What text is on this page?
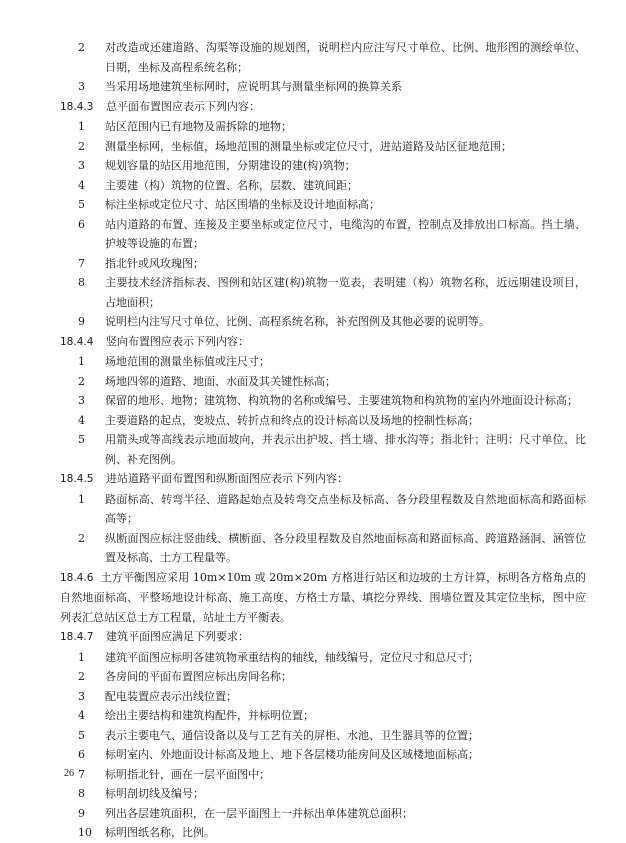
2 对改造或还建道路、沟渠等设施的规划图，说明栏内应注写尺寸单位、比例、地形图的测绘单位、日期，坐标及高程系统名称；

3 当采用场地建筑坐标网时，应说明其与测量坐标网的换算关系

18.4.3 总平面布置图应表示下列内容：

1 站区范围内已有地物及需拆除的地物；

2 测量坐标网，坐标值，场地范围的测量坐标或定位尺寸，进站道路及站区征地范围；

3 规划容量的站区用地范围，分期建设的建(构)筑物；

4 主要建（构）筑物的位置、名称，层数、建筑间距；

5 标注坐标或定位尺寸、站区围墙的坐标及设计地面标高；

6 站内道路的布置、连接及主要坐标或定位尺寸，电缆沟的布置，控制点及排放出口标高。挡土墙、护坡等设施的布置；

7 指北针或风玫瑰图；

8 主要技术经济指标表、图例和站区建(构)筑物一览表，表明建（构）筑物名称，近远期建设项目，占地面积；

9 说明栏内注写尺寸单位、比例、高程系统名称，补充图例及其他必要的说明等。

18.4.4 竖向布置图应表示下列内容：

1 场地范围的测量坐标值或注尺寸；

2 场地四邻的道路、地面、水面及其关键性标高；

3 保留的地形、地物；建筑物、构筑物的名称或编号、主要建筑物和构筑物的室内外地面设计标高；

4 主要道路的起点，变坡点、转折点和终点的设计标高以及场地的控制性标高；

5 用箭头或等高线表示地面坡向，并表示出护坡、挡土墙、排水沟等；指北针；注明：尺寸单位、比例、补充图例。

18.4.5 进站道路平面布置图和纵断面图应表示下列内容：

1 路面标高、转弯半径、道路起始点及转弯交点坐标及标高、各分段里程数及自然地面标高和路面标高等；

2 纵断面图应标注竖曲线、横断面、各分段里程数及自然地面标高和路面标高、跨道路涵洞、涵管位置及标高、土方工程量等。

18.4.6 土方平衡图应采用 10m×10m 或 20m×20m 方格进行站区和边坡的土方计算，标明各方格角点的自然地面标高、平整场地设计标高、施工高度、方格土方量、填挖分界线、围墙位置及其定位坐标，图中应列表汇总站区总土方工程量，站址土方平衡表。

18.4.7 建筑平面图应满足下列要求：

1 建筑平面图应标明各建筑物承重结构的轴线，轴线编号，定位尺寸和总尺寸；

2 各房间的平面布置图应标出房间名称；

3 配电装置应表示出线位置；

4 绘出主要结构和建筑构配件，并标明位置；

5 表示主要电气、通信设备以及与工艺有关的屏柜、水池、卫生器具等的位置；

6 标明室内、外地面设计标高及地上、地下各层楼功能房间及区域楼地面标高；

7 标明指北针，画在一层平面图中；

8 标明剖切线及编号；

9 列出各层建筑面积，在一层平面图上一并标出单体建筑总面积；

10 标明图纸名称，比例。

26
